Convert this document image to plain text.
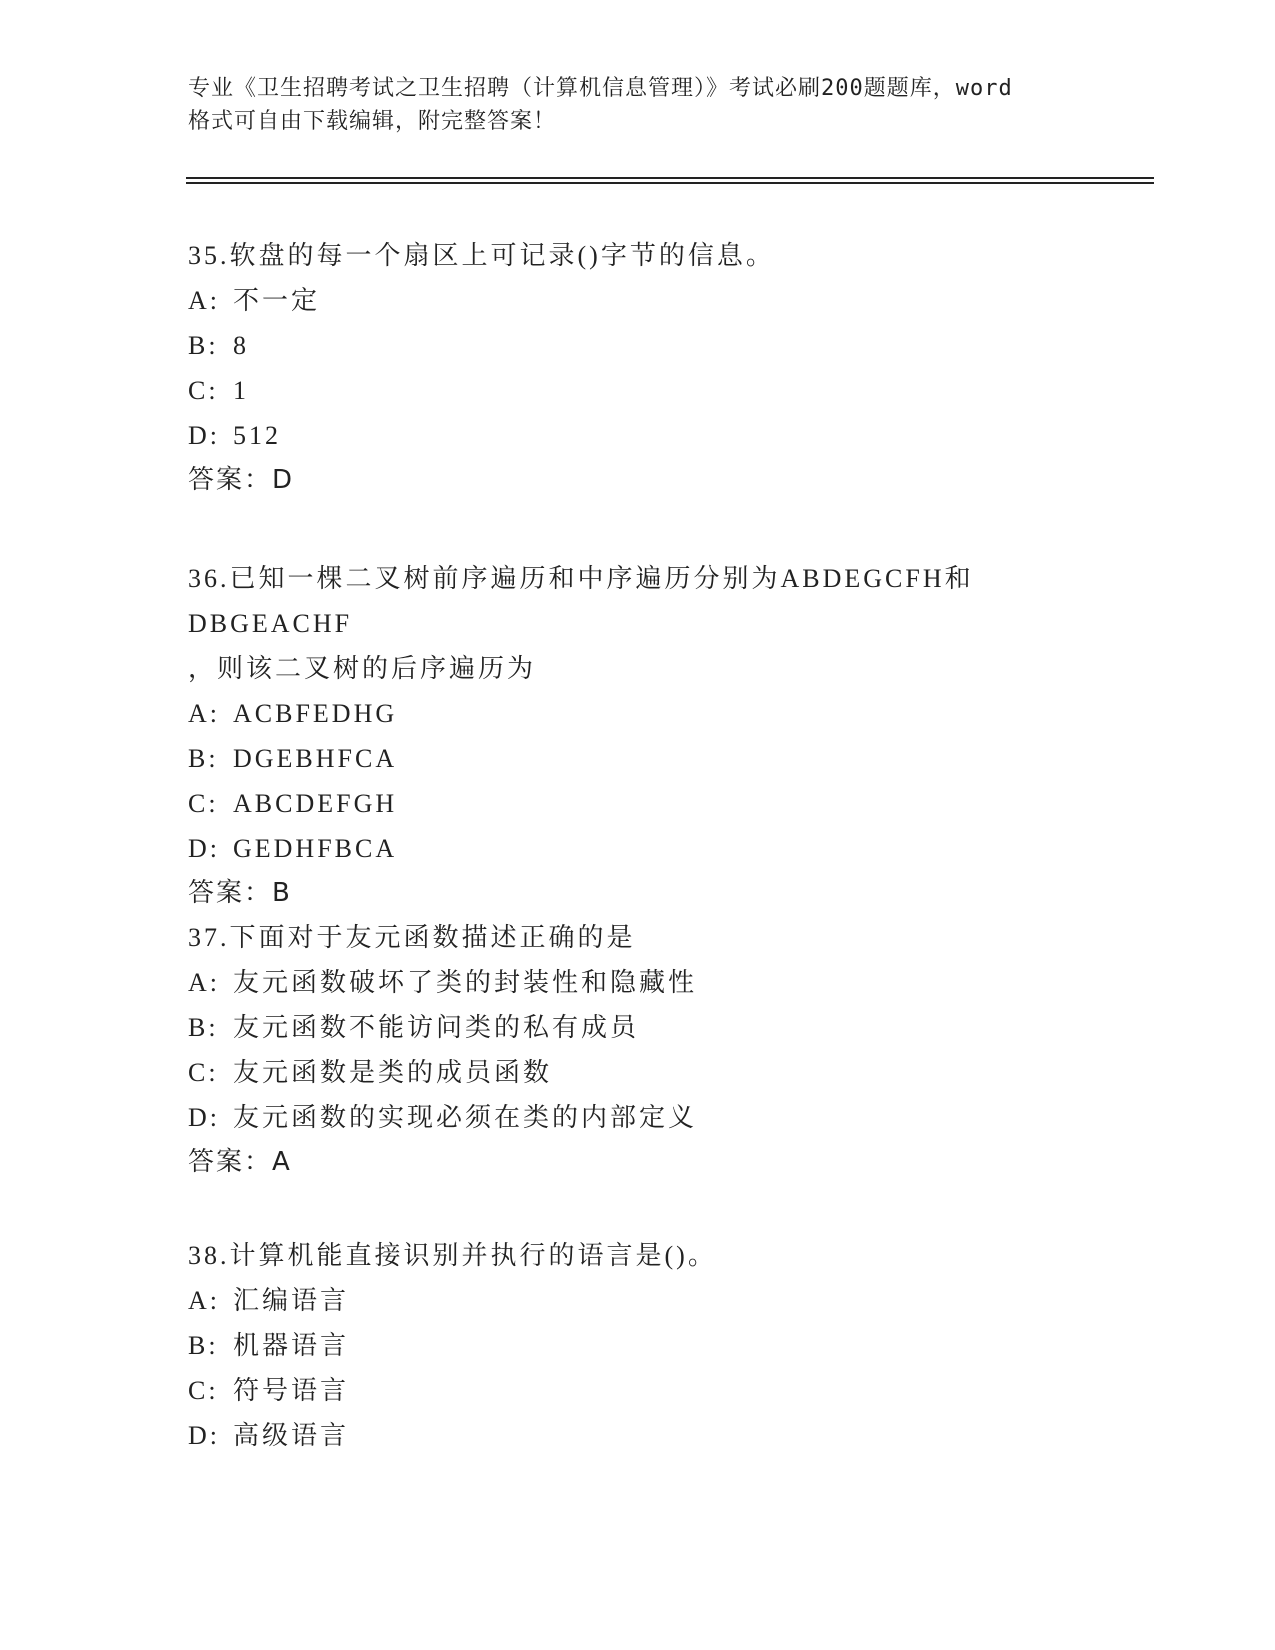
专业《卫生招聘考试之卫生招聘（计算机信息管理）》考试必刷200题题库，word
格式可自由下载编辑，附完整答案！
35.软盘的每一个扇区上可记录()字节的信息。
A: 不一定
B: 8
C: 1
D: 512
答案：D
36.已知一棵二叉树前序遍历和中序遍历分别为ABDEGCFH和DBGEACHF
，则该二叉树的后序遍历为
A: ACBFEDHG
B: DGEBHFCA
C: ABCDEFGH
D: GEDHFBCA
答案：B
37.下面对于友元函数描述正确的是
A: 友元函数破坏了类的封装性和隐藏性
B: 友元函数不能访问类的私有成员
C: 友元函数是类的成员函数
D: 友元函数的实现必须在类的内部定义
答案：A
38.计算机能直接识别并执行的语言是()。
A: 汇编语言
B: 机器语言
C: 符号语言
D: 高级语言
